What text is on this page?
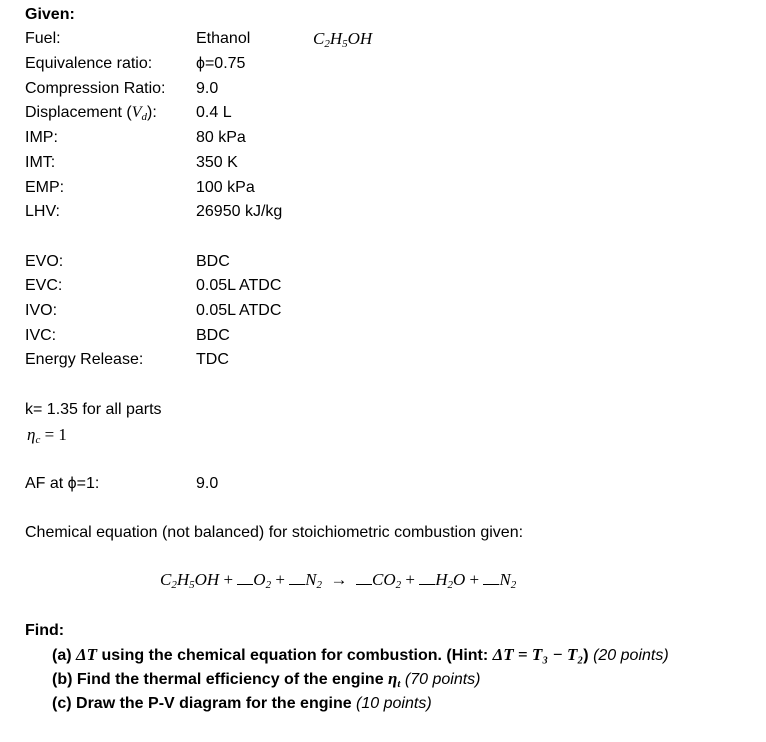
Given:
$C_2H_5OH$
Fuel:	Ethanol
Equivalence ratio:	ϕ=0.75
Compression Ratio: 9.0
Displacement $(V_d)$: 0.4 L
IMP:	80 kPa
IMT:	350 K
EMP:	100 kPa
LHV:	26950 kJ/kg
EVO:	BDC
EVC:	0.05L ATDC
IVO:	0.05L ATDC
IVC:	BDC
Energy Release:	TDC
k= 1.35 for all parts
$\eta_c = 1$
AF at ϕ=1:	9.0
Chemical equation (not balanced) for stoichiometric combustion given:
$C_2H_5OH + O_2 + N_2 \to CO_2 + H_2O + N_2$
Find:
(a) ΔT using the chemical equation for combustion. (Hint: ΔT = T₃ − T₂) (20 points)
(b) Find the thermal efficiency of the engine $\eta_t$ (70 points)
(c) Draw the P-V diagram for the engine (10 points)
